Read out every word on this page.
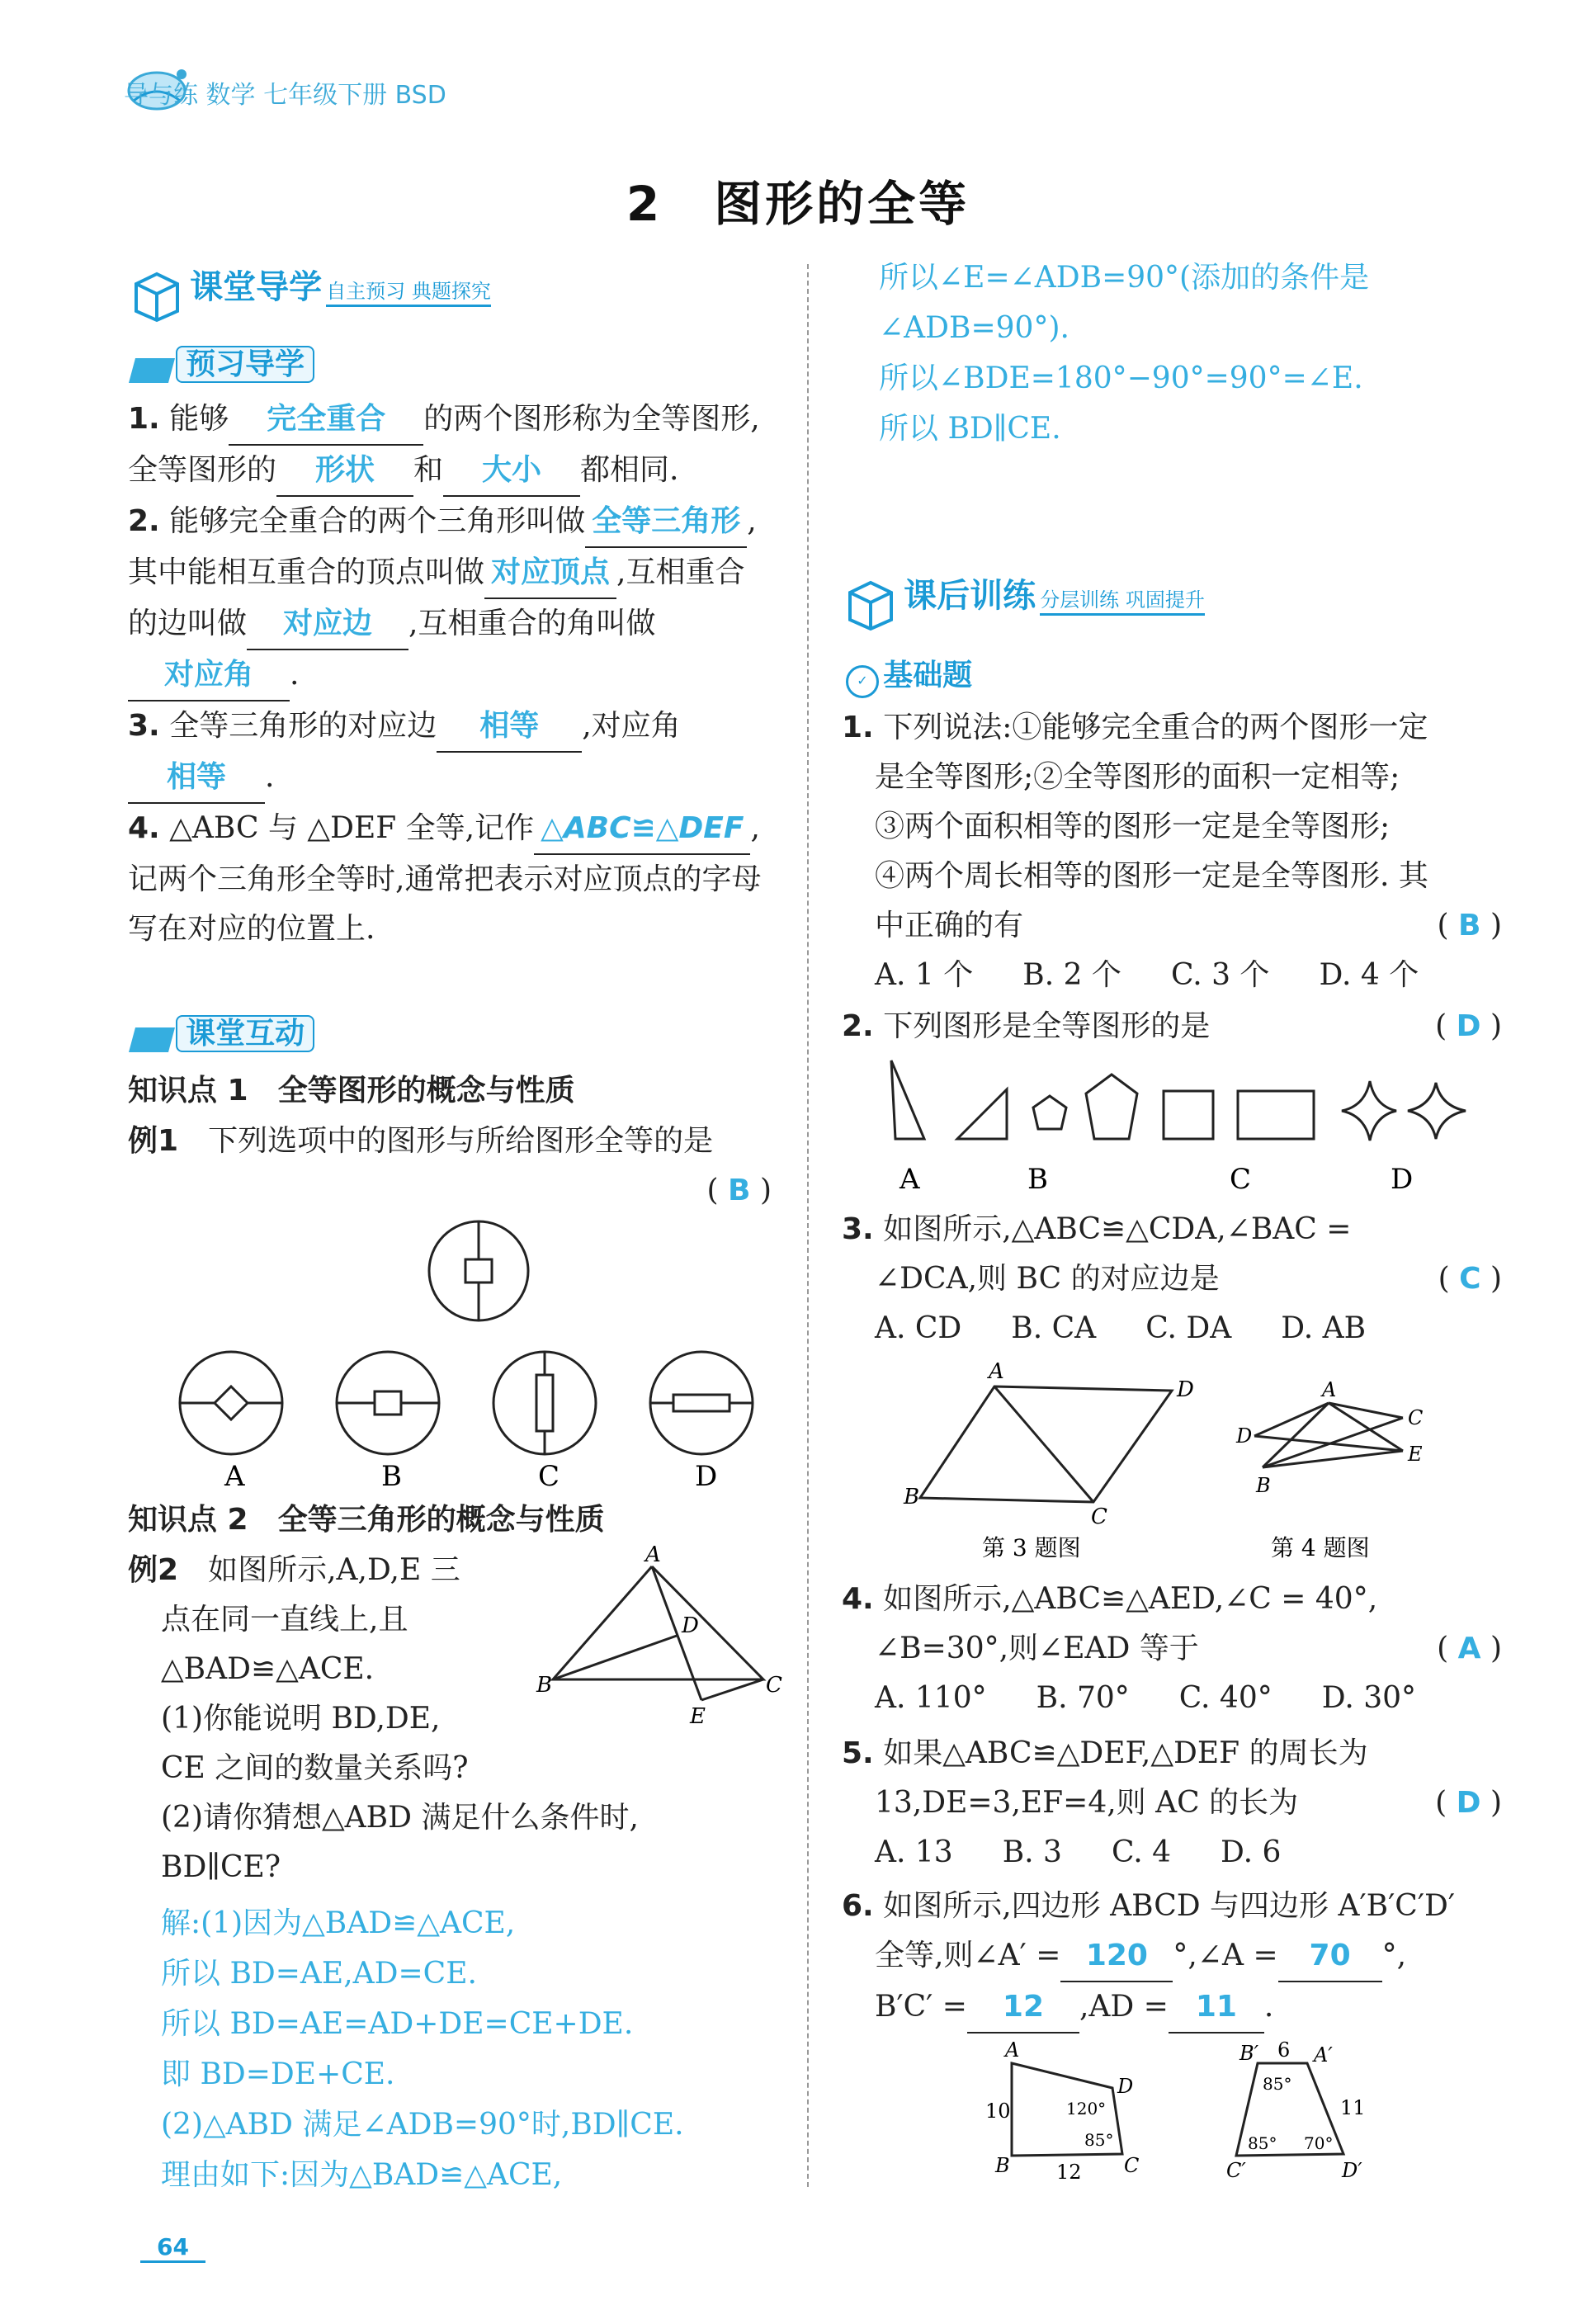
导与练 数学 七年级下册 BSD
2　图形的全等
课堂导学 自主预习 典题探究
预习导学
1. 能够 完全重合 的两个图形称为全等图形,全等图形的 形状 和 大小 都相同.
2. 能够完全重合的两个三角形叫做 全等三角形 ,其中能相互重合的顶点叫做 对应顶点 ,互相重合的边叫做 对应边 ,互相重合的角叫做对应角 .
3. 全等三角形的对应边 相等 ,对应角相等 .
4. △ABC 与 △DEF 全等,记作 △ABC≌△DEF ,记两个三角形全等时,通常把表示对应顶点的字母写在对应的位置上.
课堂互动
知识点 1　全等图形的概念与性质
例1　 下列选项中的图形与所给图形全等的是
( B )
A	B	C	D
知识点 2　全等三角形的概念与性质
例2　 如图所示,A,D,E 三
点在同一直线上,且
△BAD≌△ACE.
(1)你能说明 BD,DE,
CE 之间的数量关系吗?
(2)请你猜想△ABD 满足什么条件时,
BD∥CE?
A
B	C
D
E
解:(1)因为△BAD≌△ACE,
所以 BD=AE,AD=CE.
所以 BD=AE=AD+DE=CE+DE.
即 BD=DE+CE.
(2)△ABD 满足∠ADB=90°时,BD∥CE.
理由如下:因为△BAD≌△ACE,
所以∠E=∠ADB=90°(添加的条件是
∠ADB=90°).
所以∠BDE=180°−90°=90°=∠E.
所以 BD∥CE.
课后训练 分层训练 巩固提升
✓ 基础题
1. 下列说法:①能够完全重合的两个图形一定
是全等图形;②全等图形的面积一定相等;
③两个面积相等的图形一定是全等图形;
④两个周长相等的图形一定是全等图形. 其
中正确的有	( B )
A. 1 个 B. 2 个 C. 3 个 D. 4 个
2. 下列图形是全等图形的是	( D )
A	B	C	D
3. 如图所示,△ABC≌△CDA,∠BAC =
∠DCA,则 BC 的对应边是	( C )
A. CD B. CA C. DA D. AB
A
B
C
D
第 3 题图
A
B
C
D
E
第 4 题图
4. 如图所示,△ABC≌△AED,∠C = 40°,
∠B=30°,则∠EAD 等于	( A )
A. 110° B. 70° C. 40° D. 30°
5. 如果△ABC≌△DEF,△DEF 的周长为
13,DE=3,EF=4,则 AC 的长为	( D )
A. 13 B. 3 C. 4 D. 6
6. 如图所示,四边形 ABCD 与四边形 A′B′C′D′
全等,则∠A′ = 120 °,∠A = 70 °,
B′C′ = 12 ,AD = 11 .
A
B	C
D
10
12
120°
85°
B′	A′
C′	D′
6
11
85°
85° 70°
64
